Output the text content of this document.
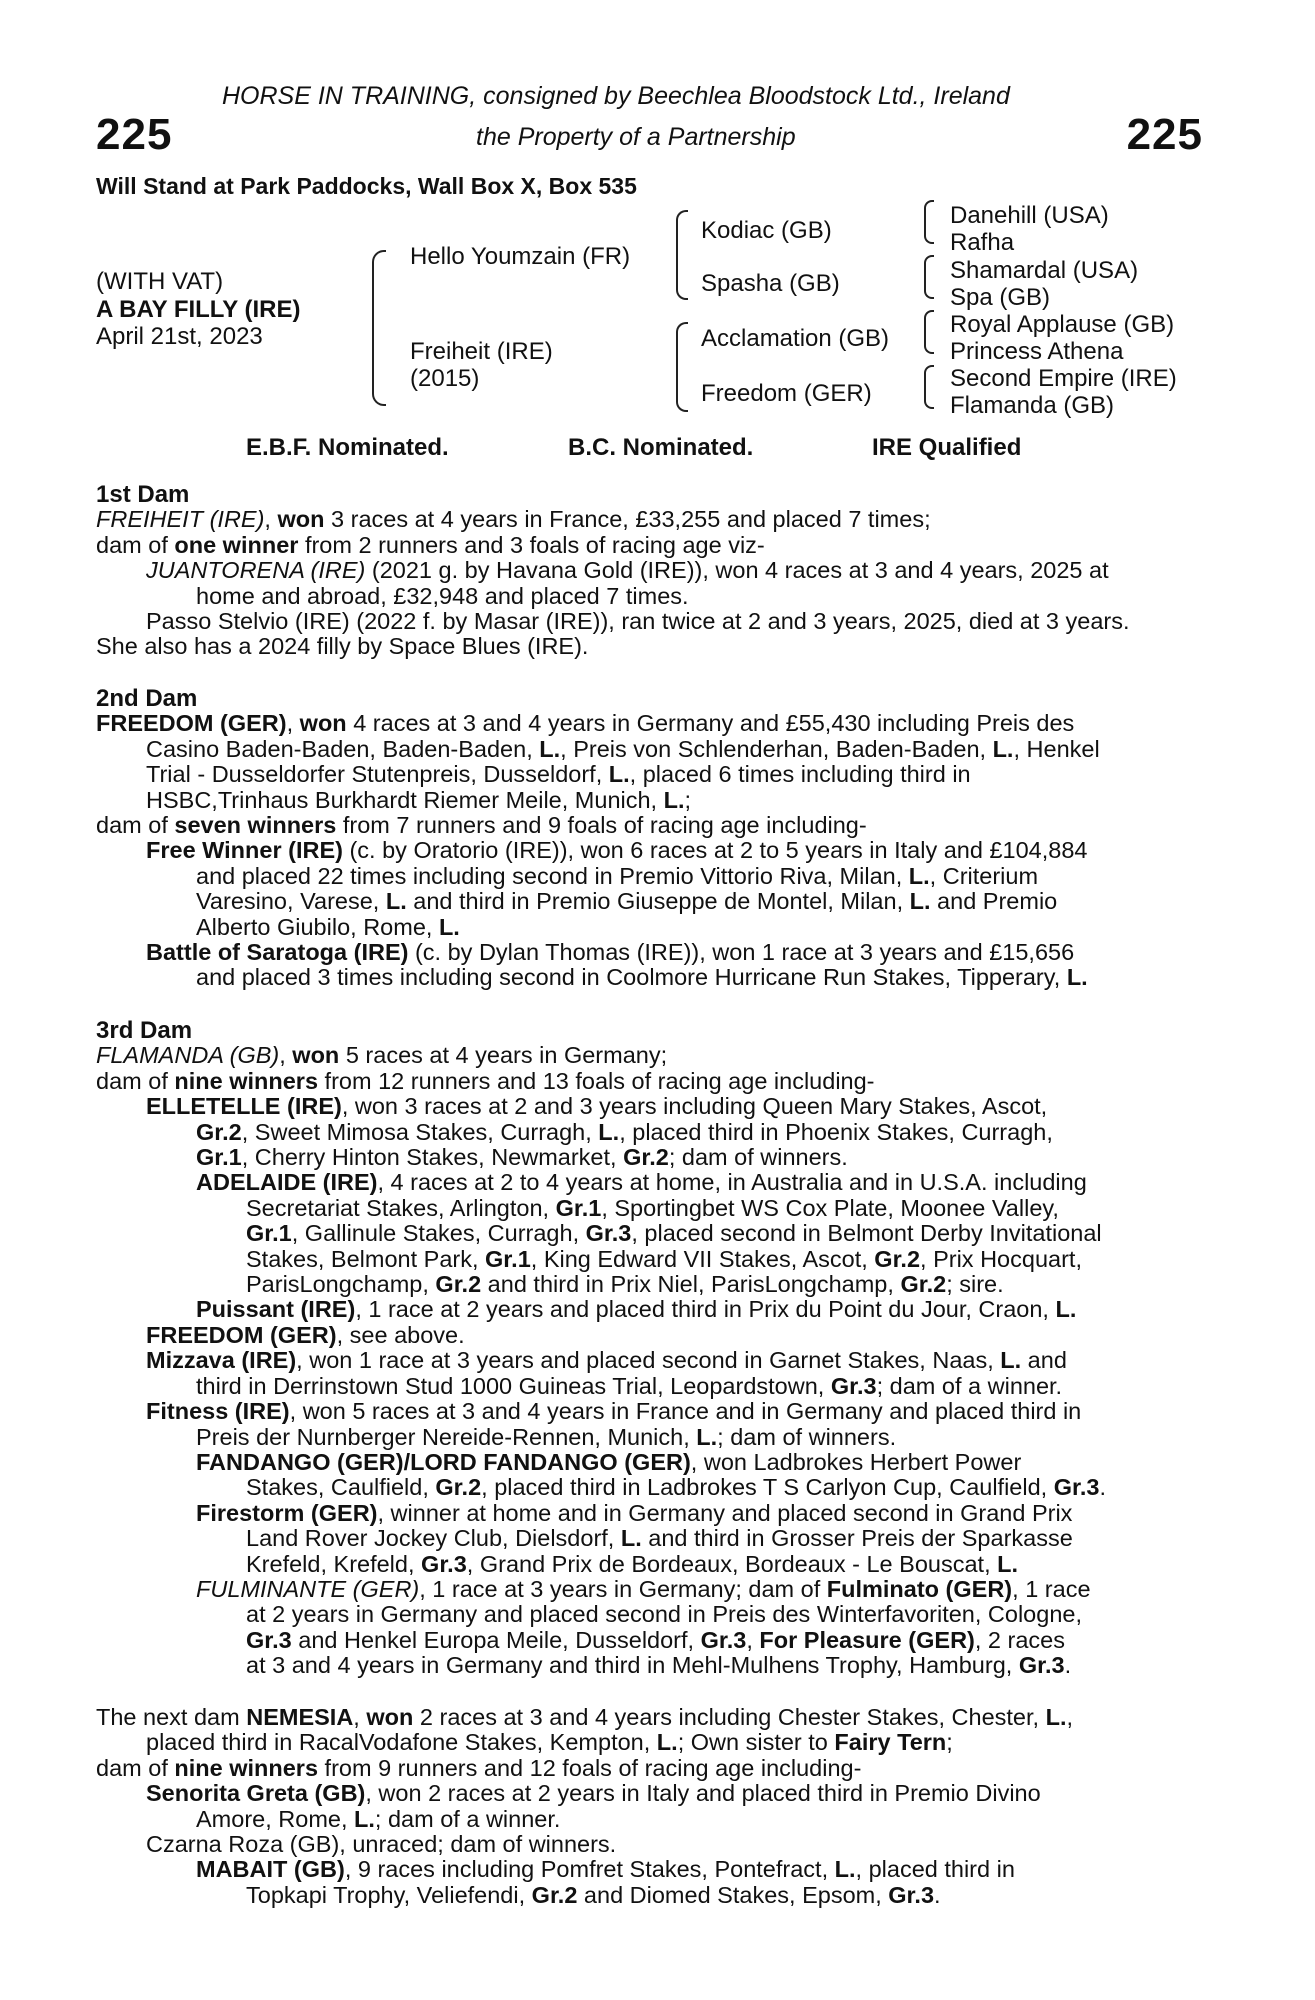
225	225
HORSE IN TRAINING, consigned by Beechlea Bloodstock Ltd., Ireland
the Property of a Partnership
Will Stand at Park Paddocks, Wall Box X, Box 535
(WITH VAT)
A BAY FILLY (IRE)
April 21st, 2023
Hello Youmzain (FR)
Freiheit (IRE)
(2015)
Kodiac (GB)
Spasha (GB)
Acclamation (GB)
Freedom (GER)
Danehill (USA)
Rafha
Shamardal (USA)
Spa (GB)
Royal Applause (GB)
Princess Athena
Second Empire (IRE)
Flamanda (GB)
E.B.F. Nominated.	B.C. Nominated.	IRE Qualified
1st Dam
FREIHEIT (IRE), won 3 races at 4 years in France, £33,255 and placed 7 times;
dam of one winner from 2 runners and 3 foals of racing age viz-
JUANTORENA (IRE) (2021 g. by Havana Gold (IRE)), won 4 races at 3 and 4 years, 2025 at
home and abroad, £32,948 and placed 7 times.
Passo Stelvio (IRE) (2022 f. by Masar (IRE)), ran twice at 2 and 3 years, 2025, died at 3 years.
She also has a 2024 filly by Space Blues (IRE).
2nd Dam
FREEDOM (GER), won 4 races at 3 and 4 years in Germany and £55,430 including Preis des
Casino Baden-Baden, Baden-Baden, L., Preis von Schlenderhan, Baden-Baden, L., Henkel
Trial - Dusseldorfer Stutenpreis, Dusseldorf, L., placed 6 times including third in
HSBC,Trinhaus Burkhardt Riemer Meile, Munich, L.;
dam of seven winners from 7 runners and 9 foals of racing age including-
Free Winner (IRE) (c. by Oratorio (IRE)), won 6 races at 2 to 5 years in Italy and £104,884
and placed 22 times including second in Premio Vittorio Riva, Milan, L., Criterium
Varesino, Varese, L. and third in Premio Giuseppe de Montel, Milan, L. and Premio
Alberto Giubilo, Rome, L.
Battle of Saratoga (IRE) (c. by Dylan Thomas (IRE)), won 1 race at 3 years and £15,656
and placed 3 times including second in Coolmore Hurricane Run Stakes, Tipperary, L.
3rd Dam
FLAMANDA (GB), won 5 races at 4 years in Germany;
dam of nine winners from 12 runners and 13 foals of racing age including-
ELLETELLE (IRE), won 3 races at 2 and 3 years including Queen Mary Stakes, Ascot,
Gr.2, Sweet Mimosa Stakes, Curragh, L., placed third in Phoenix Stakes, Curragh,
Gr.1, Cherry Hinton Stakes, Newmarket, Gr.2; dam of winners.
ADELAIDE (IRE), 4 races at 2 to 4 years at home, in Australia and in U.S.A. including
Secretariat Stakes, Arlington, Gr.1, Sportingbet WS Cox Plate, Moonee Valley,
Gr.1, Gallinule Stakes, Curragh, Gr.3, placed second in Belmont Derby Invitational
Stakes, Belmont Park, Gr.1, King Edward VII Stakes, Ascot, Gr.2, Prix Hocquart,
ParisLongchamp, Gr.2 and third in Prix Niel, ParisLongchamp, Gr.2; sire.
Puissant (IRE), 1 race at 2 years and placed third in Prix du Point du Jour, Craon, L.
FREEDOM (GER), see above.
Mizzava (IRE), won 1 race at 3 years and placed second in Garnet Stakes, Naas, L. and
third in Derrinstown Stud 1000 Guineas Trial, Leopardstown, Gr.3; dam of a winner.
Fitness (IRE), won 5 races at 3 and 4 years in France and in Germany and placed third in
Preis der Nurnberger Nereide-Rennen, Munich, L.; dam of winners.
FANDANGO (GER)/LORD FANDANGO (GER), won Ladbrokes Herbert Power
Stakes, Caulfield, Gr.2, placed third in Ladbrokes T S Carlyon Cup, Caulfield, Gr.3.
Firestorm (GER), winner at home and in Germany and placed second in Grand Prix
Land Rover Jockey Club, Dielsdorf, L. and third in Grosser Preis der Sparkasse
Krefeld, Krefeld, Gr.3, Grand Prix de Bordeaux, Bordeaux - Le Bouscat, L.
FULMINANTE (GER), 1 race at 3 years in Germany; dam of Fulminato (GER), 1 race
at 2 years in Germany and placed second in Preis des Winterfavoriten, Cologne,
Gr.3 and Henkel Europa Meile, Dusseldorf, Gr.3, For Pleasure (GER), 2 races
at 3 and 4 years in Germany and third in Mehl-Mulhens Trophy, Hamburg, Gr.3.
The next dam NEMESIA, won 2 races at 3 and 4 years including Chester Stakes, Chester, L.,
placed third in RacalVodafone Stakes, Kempton, L.; Own sister to Fairy Tern;
dam of nine winners from 9 runners and 12 foals of racing age including-
Senorita Greta (GB), won 2 races at 2 years in Italy and placed third in Premio Divino
Amore, Rome, L.; dam of a winner.
Czarna Roza (GB), unraced; dam of winners.
MABAIT (GB), 9 races including Pomfret Stakes, Pontefract, L., placed third in
Topkapi Trophy, Veliefendi, Gr.2 and Diomed Stakes, Epsom, Gr.3.
